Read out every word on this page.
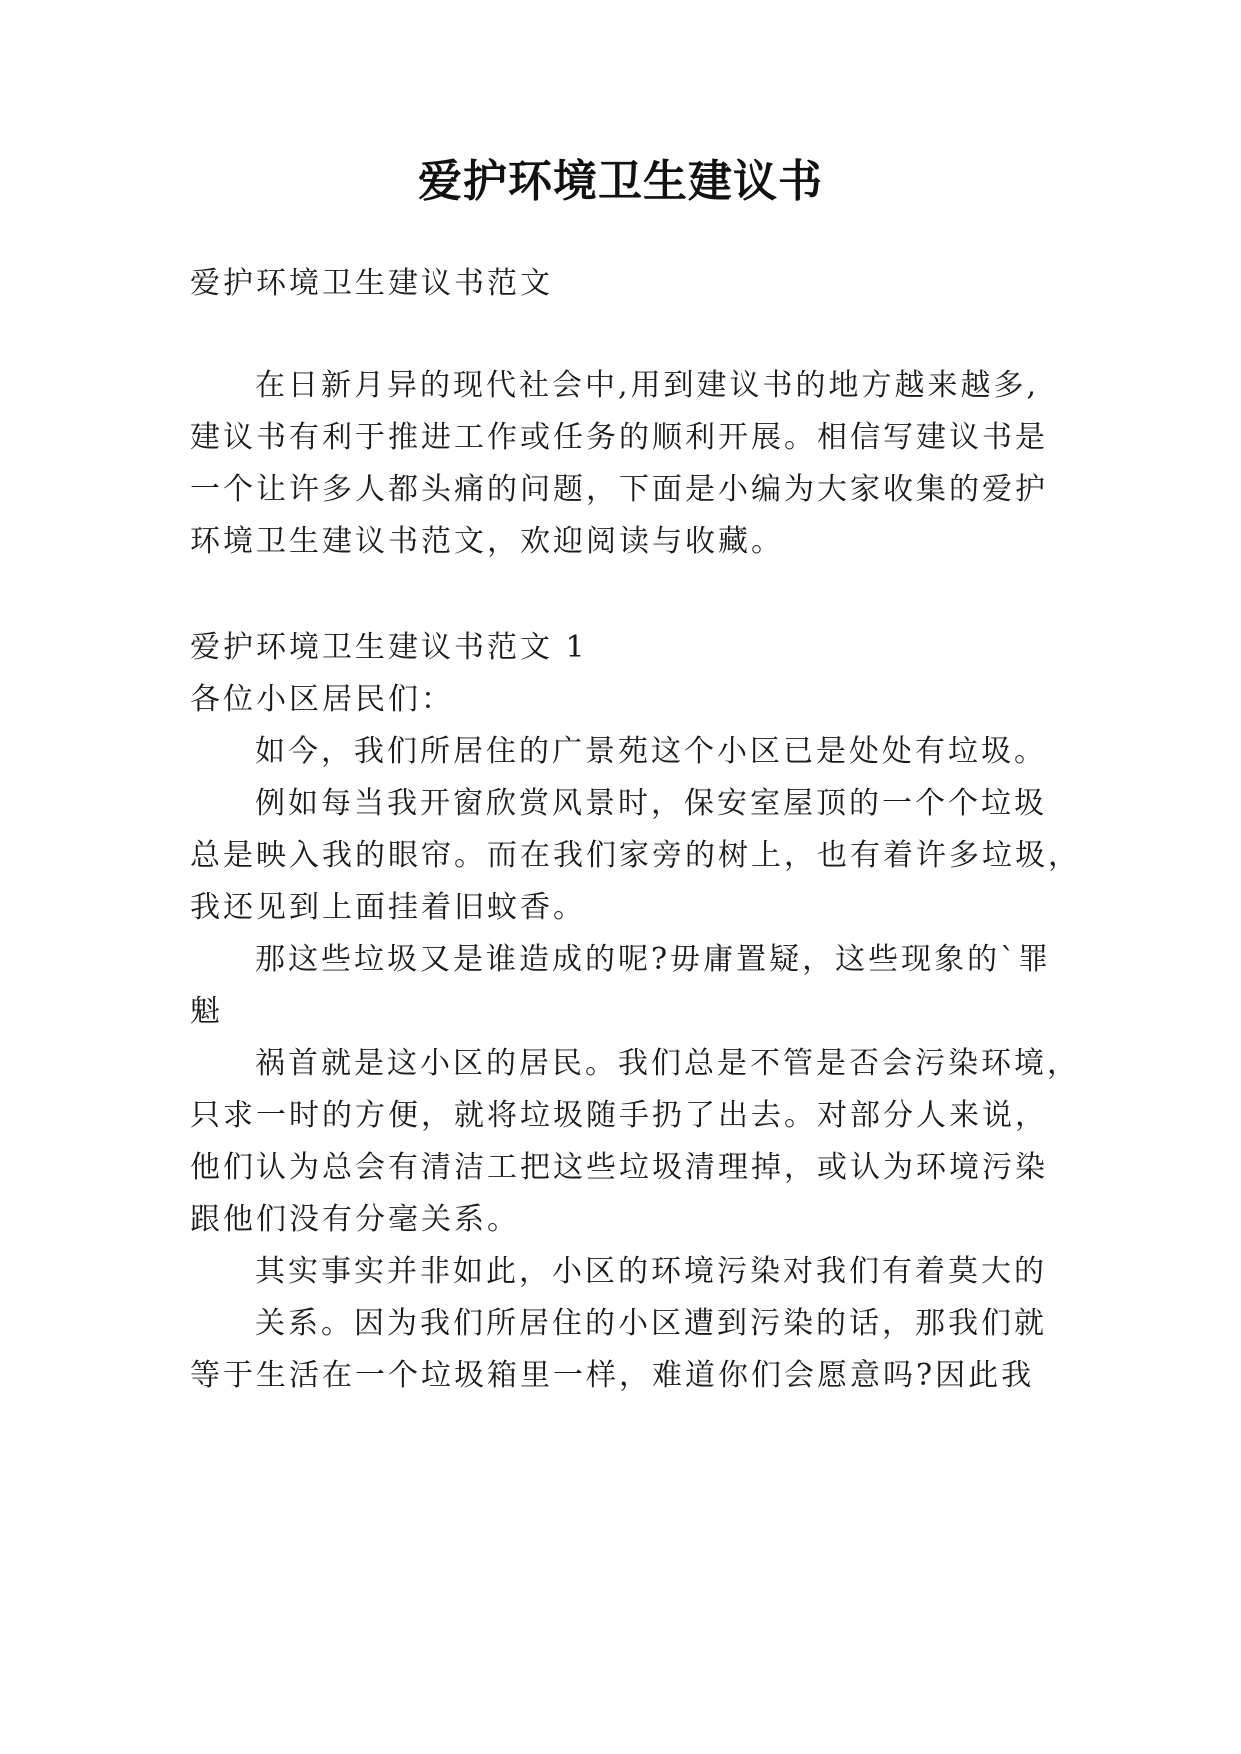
爱护环境卫生建议书
爱护环境卫生建议书范文
在日新月异的现代社会中,用到建议书的地方越来越多,
建议书有利于推进工作或任务的顺利开展。相信写建议书是
一个让许多人都头痛的问题，下面是小编为大家收集的爱护
环境卫生建议书范文，欢迎阅读与收藏。
爱护环境卫生建议书范文 1
各位小区居民们：
如今，我们所居住的广景苑这个小区已是处处有垃圾。
例如每当我开窗欣赏风景时，保安室屋顶的一个个垃圾
总是映入我的眼帘。而在我们家旁的树上，也有着许多垃圾，
我还见到上面挂着旧蚊香。
那这些垃圾又是谁造成的呢?毋庸置疑，这些现象的`罪
魁
祸首就是这小区的居民。我们总是不管是否会污染环境，
只求一时的方便，就将垃圾随手扔了出去。对部分人来说，
他们认为总会有清洁工把这些垃圾清理掉，或认为环境污染
跟他们没有分毫关系。
其实事实并非如此，小区的环境污染对我们有着莫大的
关系。因为我们所居住的小区遭到污染的话，那我们就
等于生活在一个垃圾箱里一样，难道你们会愿意吗?因此我
